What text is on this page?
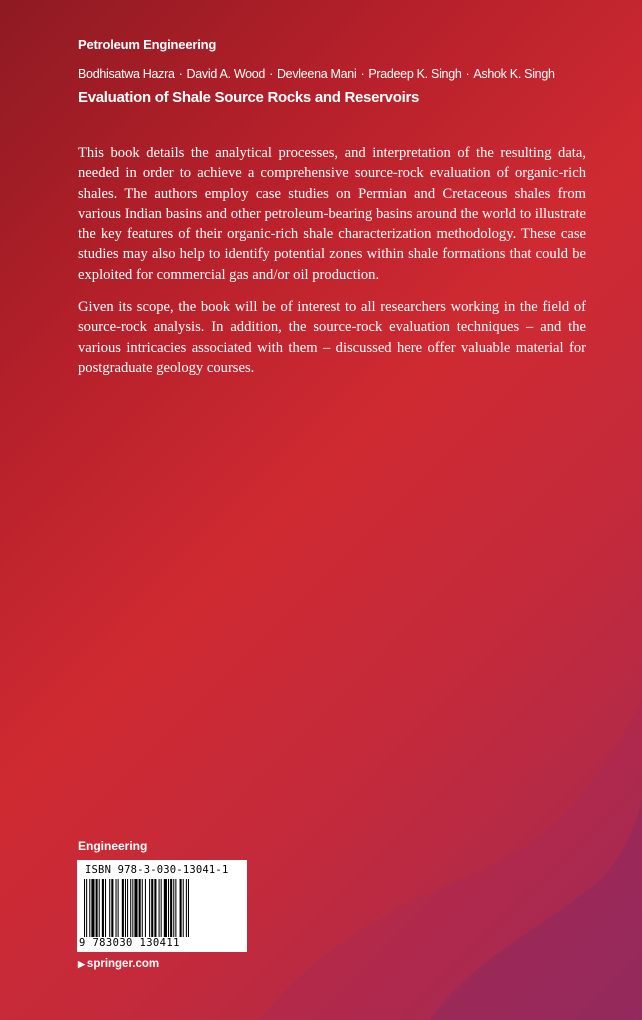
Petroleum Engineering
Bodhisatwa Hazra · David A. Wood · Devleena Mani · Pradeep K. Singh · Ashok K. Singh
Evaluation of Shale Source Rocks and Reservoirs

This book details the analytical processes, and interpretation of the resulting data, needed in order to achieve a comprehensive source-rock evaluation of organic-rich shales. The authors employ case studies on Permian and Cretaceous shales from various Indian basins and other petroleum-bearing basins around the world to illustrate the key features of their organic-rich shale characterization methodology. These case studies may also help to identify potential zones within shale formations that could be exploited for commercial gas and/or oil production.

Given its scope, the book will be of interest to all researchers working in the field of source-rock analysis. In addition, the source-rock evaluation techniques – and the various intricacies associated with them – discussed here offer valuable material for postgraduate geology courses.

Engineering
ISBN 978-3-030-13041-1
9 783030 130411
▶ springer.com
